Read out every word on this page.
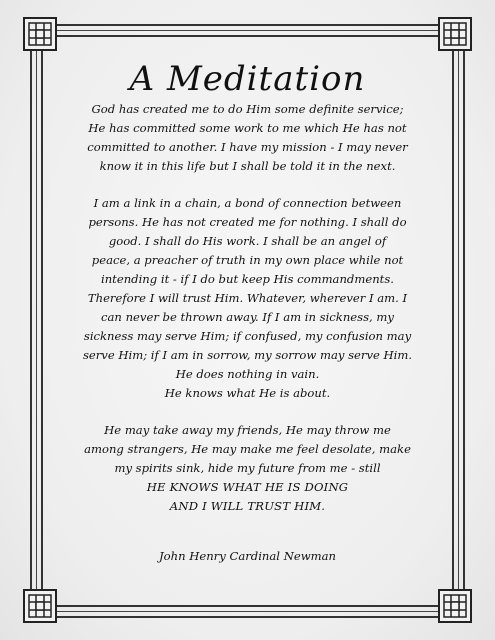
A Meditation

God has created me to do Him some definite service;
He has committed some work to me which He has not
committed to another. I have my mission - I may never
know it in this life but I shall be told it in the next.

I am a link in a chain, a bond of connection between
persons. He has not created me for nothing. I shall do
good. I shall do His work. I shall be an angel of
peace, a preacher of truth in my own place while not
intending it - if I do but keep His commandments.
Therefore I will trust Him. Whatever, wherever I am. I
can never be thrown away. If I am in sickness, my
sickness may serve Him; if confused, my confusion may
serve Him; if I am in sorrow, my sorrow may serve Him.
He does nothing in vain.
He knows what He is about.

He may take away my friends, He may throw me
among strangers, He may make me feel desolate, make
my spirits sink, hide my future from me - still

HE KNOWS WHAT HE IS DOING
AND I WILL TRUST HIM.

John Henry Cardinal Newman
